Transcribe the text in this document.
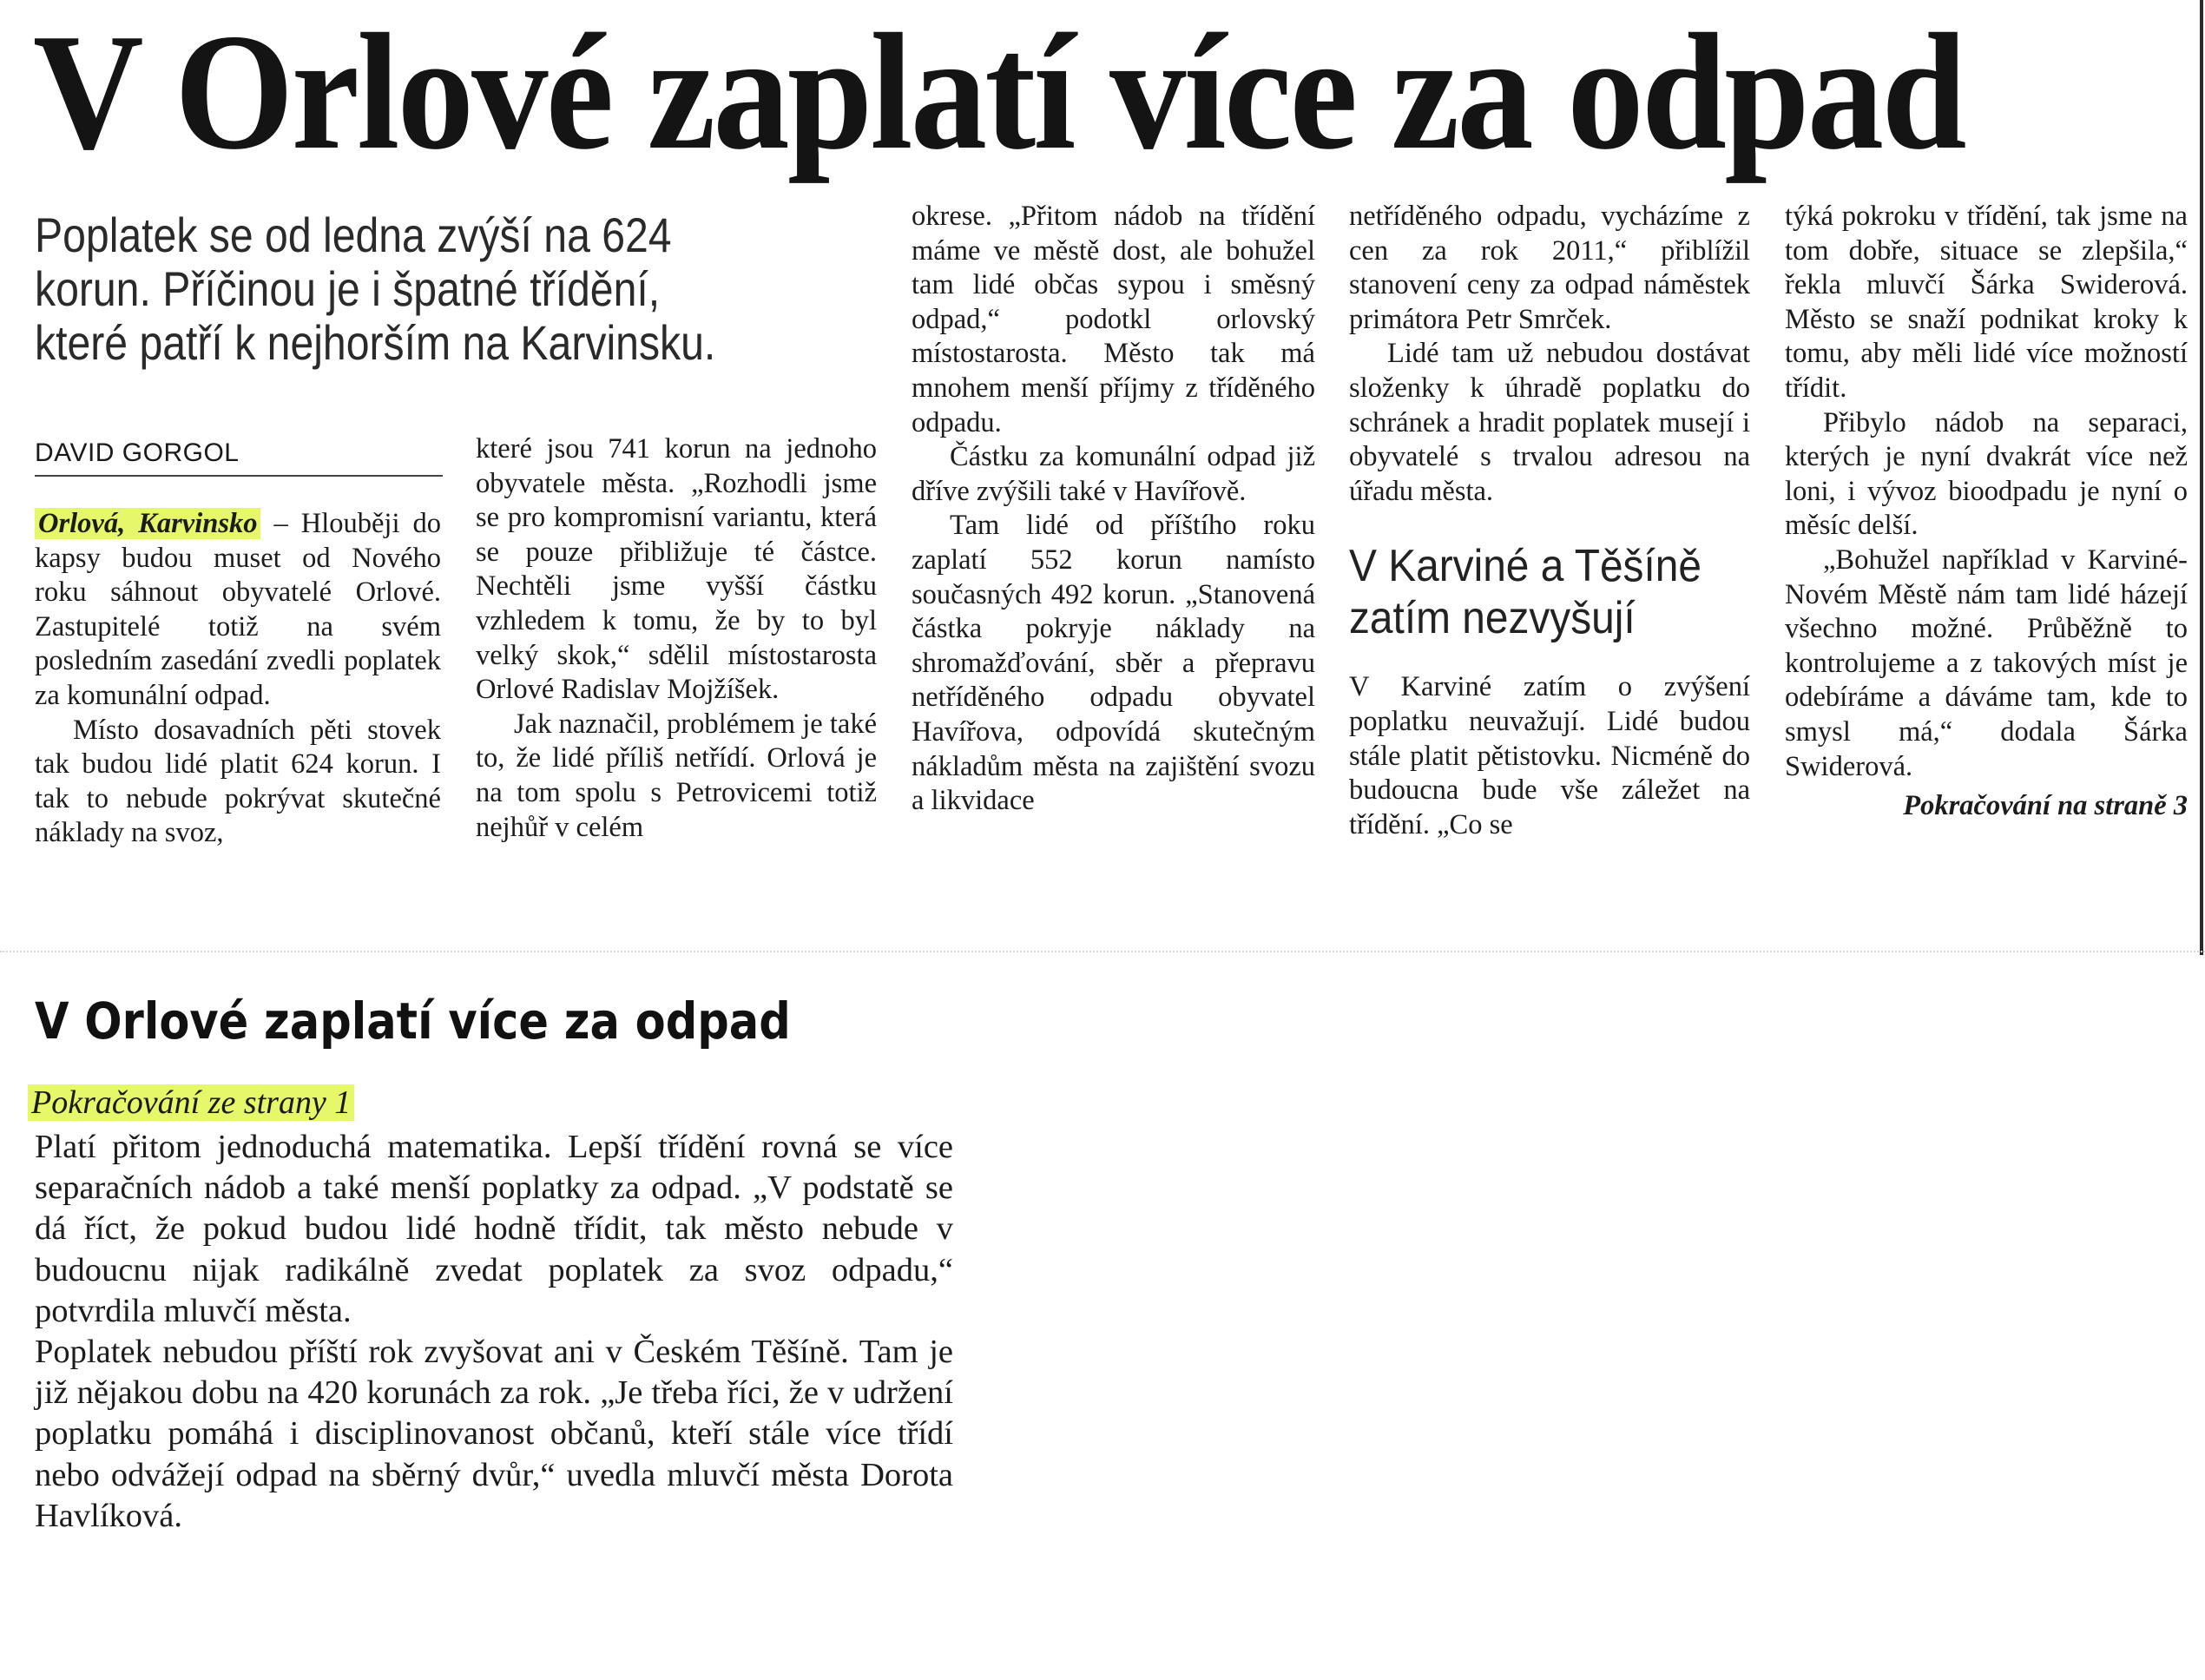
V Orlové zaplatí více za odpad
Poplatek se od ledna zvýší na 624 korun. Příčinou je i špatné třídění, které patří k nejhorším na Karvinsku.
DAVID GORGOL

Orlová, Karvinsko – Hlouběji do kapsy budou muset od Nového roku sáhnout obyvatelé Orlové. Zastupitelé totiž na svém posledním zasedání zvedli poplatek za komunální odpad.

Místo dosavadních pěti stovek tak budou lidé platit 624 korun. I tak to nebude pokrývat skutečné náklady na svoz,

které jsou 741 korun na jednoho obyvatele města. „Rozhodli jsme se pro kompromisní variantu, která se pouze přibližuje té částce. Nechtěli jsme vyšší částku vzhledem k tomu, že by to byl velký skok,“ sdělil místostarosta Orlové Radislav Mojžíšek.

Jak naznačil, problémem je také to, že lidé příliš netřídí. Orlová je na tom spolu s Petrovicemi totiž nejhůř v celém

okrese. „Přitom nádob na třídění máme ve městě dost, ale bohužel tam lidé občas sypou i směsný odpad,“ podotkl orlovský místostarosta. Město tak má mnohem menší příjmy z tříděného odpadu.

Částku za komunální odpad již dříve zvýšili také v Havířově.

Tam lidé od příštího roku zaplatí 552 korun namísto současných 492 korun. „Stanovená částka pokryje náklady na shromažďování, sběr a přepravu netříděného odpadu obyvatel Havířova, odpovídá skutečným nákladům města na zajištění svozu a likvidace

netříděného odpadu, vycházíme z cen za rok 2011,“ přiblížil stanovení ceny za odpad náměstek primátora Petr Smrček.

Lidé tam už nebudou dostávat složenky k úhradě poplatku do schránek a hradit poplatek musejí i obyvatelé s trvalou adresou na úřadu města.

V Karviné a Těšíně zatím nezvyšují

V Karviné zatím o zvýšení poplatku neuvažují. Lidé budou stále platit pětistovku. Nicméně do budoucna bude vše záležet na třídění. „Co se

týká pokroku v třídění, tak jsme na tom dobře, situace se zlepšila,“ řekla mluvčí Šárka Swiderová. Město se snaží podnikat kroky k tomu, aby měli lidé více možností třídit.

Přibylo nádob na separaci, kterých je nyní dvakrát více než loni, i vývoz bioodpadu je nyní o měsíc delší.

„Bohužel například v Karviné-Novém Městě nám tam lidé házejí všechno možné. Průběžně to kontrolujeme a z takových míst je odebíráme a dáváme tam, kde to smysl má,“ dodala Šárka Swiderová.

Pokračování na straně 3
V Orlové zaplatí více za odpad
Pokračování ze strany 1

Platí přitom jednoduchá matematika. Lepší třídění rovná se více separačních nádob a také menší poplatky za odpad. „V podstatě se dá říct, že pokud budou lidé hodně třídit, tak město nebude v budoucnu nijak radikálně zvedat poplatek za svoz odpadu,“ potvrdila mluvčí města.

Poplatek nebudou příští rok zvyšovat ani v Českém Těšíně. Tam je již nějakou dobu na 420 korunách za rok. „Je třeba říci, že v udržení poplatku pomáhá i disciplinovanost občanů, kteří stále více třídí nebo odvážejí odpad na sběrný dvůr,“ uvedla mluvčí města Dorota Havlíková.
